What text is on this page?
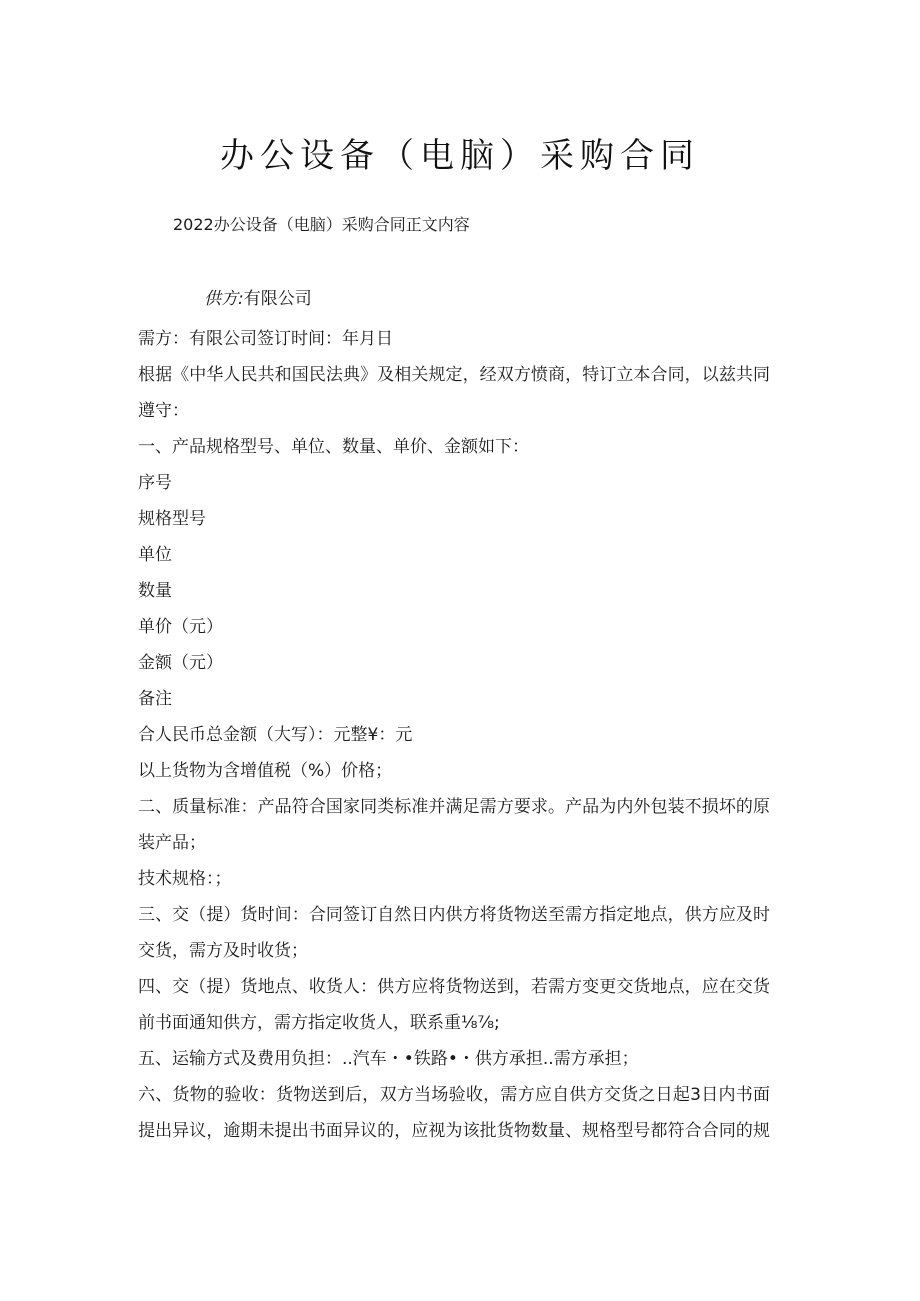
办公设备（电脑）采购合同
2022办公设备（电脑）采购合同正文内容
供方:有限公司
需方：有限公司签订时间：年月日
根据《中华人民共和国民法典》及相关规定，经双方愤商，特订立本合同，以兹共同
遵守：
一、产品规格型号、单位、数量、单价、金额如下：
序号
规格型号
单位
数量
单价（元）
金额（元）
备注
合人民币总金额（大写）：元整¥：元
以上货物为含增值税（%）价格；
二、质量标准：产品符合国家同类标准并满足需方要求。产品为内外包装不损坏的原
装产品；
技术规格：；
三、交（提）货时间：合同签订自然日内供方将货物送至需方指定地点，供方应及时
交货，需方及时收货；
四、交（提）货地点、收货人：供方应将货物送到，若需方变更交货地点，应在交货
前书面通知供方，需方指定收货人，联系重⅛⅞;
五、运输方式及费用负担：..汽车・•铁路•・供方承担..需方承担；
六、货物的验收：货物送到后，双方当场验收，需方应自供方交货之日起3日内书面
提出异议，逾期未提出书面异议的，应视为该批货物数量、规格型号都符合合同的规
